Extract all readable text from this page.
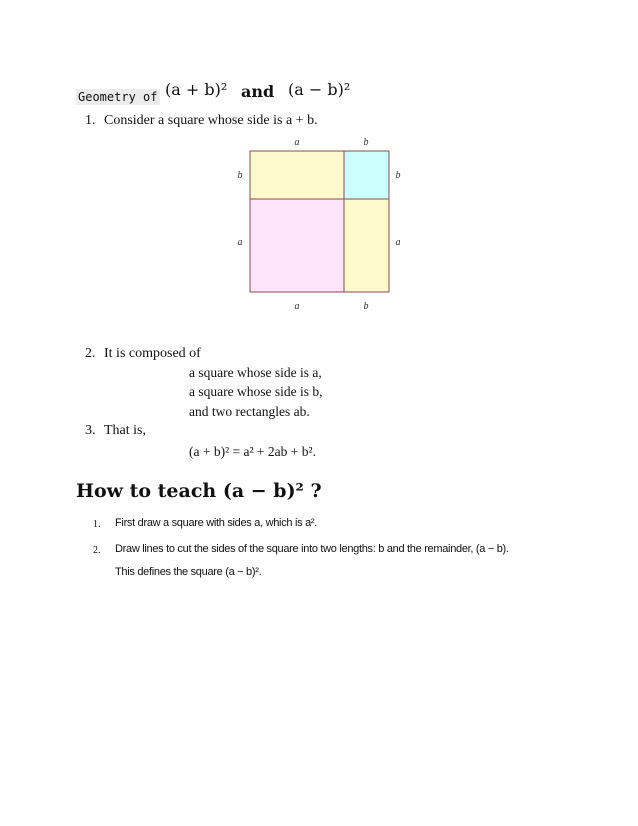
Geometry of (a + b)² and (a − b)²
1. Consider a square whose side is a + b.
a	b
a	b
b
a
b
a
2. It is composed of
a square whose side is a,
a square whose side is b,
and two rectangles ab.
3. That is,
(a + b)² = a² + 2ab + b².
How to teach (a − b)² ?
1. First draw a square with sides a, which is a².
2. Draw lines to cut the sides of the square into two lengths: b and the remainder, (a − b).
This defines the square (a − b)².
